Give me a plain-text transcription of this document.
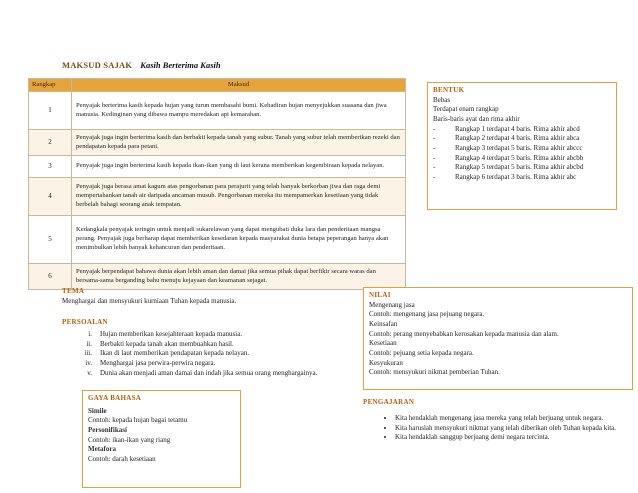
MAKSUD SAJAK Kasih Berterima Kasih
Rangkap	Maksud
1	Penyajak berterima kasih kepada hujan yang turun membasahi bumi. Kehadiran hujan menyejukkan suasana dan jiwa manusia. Kedinginan yang dibawa mampu meredakan api kemarahan.
2	Penyajak juga ingin berterima kasih dan berbakti kepada tanah yang subur. Tanah yang subur telah memberikan rezeki dan pendapatan kepada para petani.
3	Penyajak juga ingin berterima kasih kepada ikan-ikan yang di laut kerana memberikan kegembiraan kepada nelayan.
4	Penyajak juga berasa amat kagum atas pengorbanan para perajurit yang telah banyak berkorban jiwa dan raga demi mempertahankan tanah air daripada ancaman musuh. Pengorbanan mereka itu mempamerkan kesetiaan yang tidak berbelah bahagi seorang anak tempatan.
5	Kedangkala penyajak teringin untuk menjadi sukarelawan yang dapat mengubati duka lara dan penderitaan mangsa perang. Penyajak juga berharap dapat memberikan kesedaran kepada masyarakat dunia betapa peperangan hanya akan menimbulkan lebih banyak kehancuran dan penderitaan.
6	Penyajak berpendapat bahawa dunia akan lebih aman dan damai jika semua pihak dapat berfikir secara waras dan bersama-sama berganding bahu menuju kejayaan dan keamanan sejagat.
BENTUK
Bebas
Terdapat enam rangkap
Baris-baris ayat dan rima akhir
-	Rangkap 1 terdapat 4 baris. Rima akhir abcd
-	Rangkap 2 terdapat 4 baris. Rima akhir abca
-	Rangkap 3 terdapat 5 baris. Rima akhir abccc
-	Rangkap 4 terdapat 5 baris. Rima akhir abcbb
-	Rangkap 5 terdapat 5 baris. Rima akhir abcbd
-	Rangkap 6 terdapat 3 baris. Rima akhir abc
TEMA
Menghargai dan mensyukuri kurniaan Tuhan kepada manusia.
PERSOALAN
i.	Hujan memberikan kesejahteraan kepada manusia.
ii.	Berbakti kepada tanah akan membuahkan hasil.
iii.	Ikan di laut memberikan pendapatan kepada nelayan.
iv.	Menghargai jasa perwira-perwira negara.
v.	Dunia akan menjadi aman damai dan indah jika semua orang menghargainya.
GAYA BAHASA
Simile
Contoh: kepada hujan bagai tetamu
Personifikasi
Contoh: ikan-ikan yang riang
Metafora
Contoh: darah kesetiaan
NILAI
Mengenang jasa
Contoh: mengenang jasa pejuang negara.
Keinsafan
Contoh: perang menyebabkan kerosakan kepada manusia dan alam.
Kesetiaan
Contoh: pejuang setia kepada negara.
Kesyukuran
Contoh: mensyukuri nikmat pemberian Tuhan.
PENGAJARAN
• Kita hendaklah mengenang jasa mereka yang telah berjuang untuk negara.
• Kita haruslah mensyukuri nikmat yang telah diberikan oleh Tuhan kepada kita.
• Kita hendaklah sanggup berjuang demi negara tercinta.
